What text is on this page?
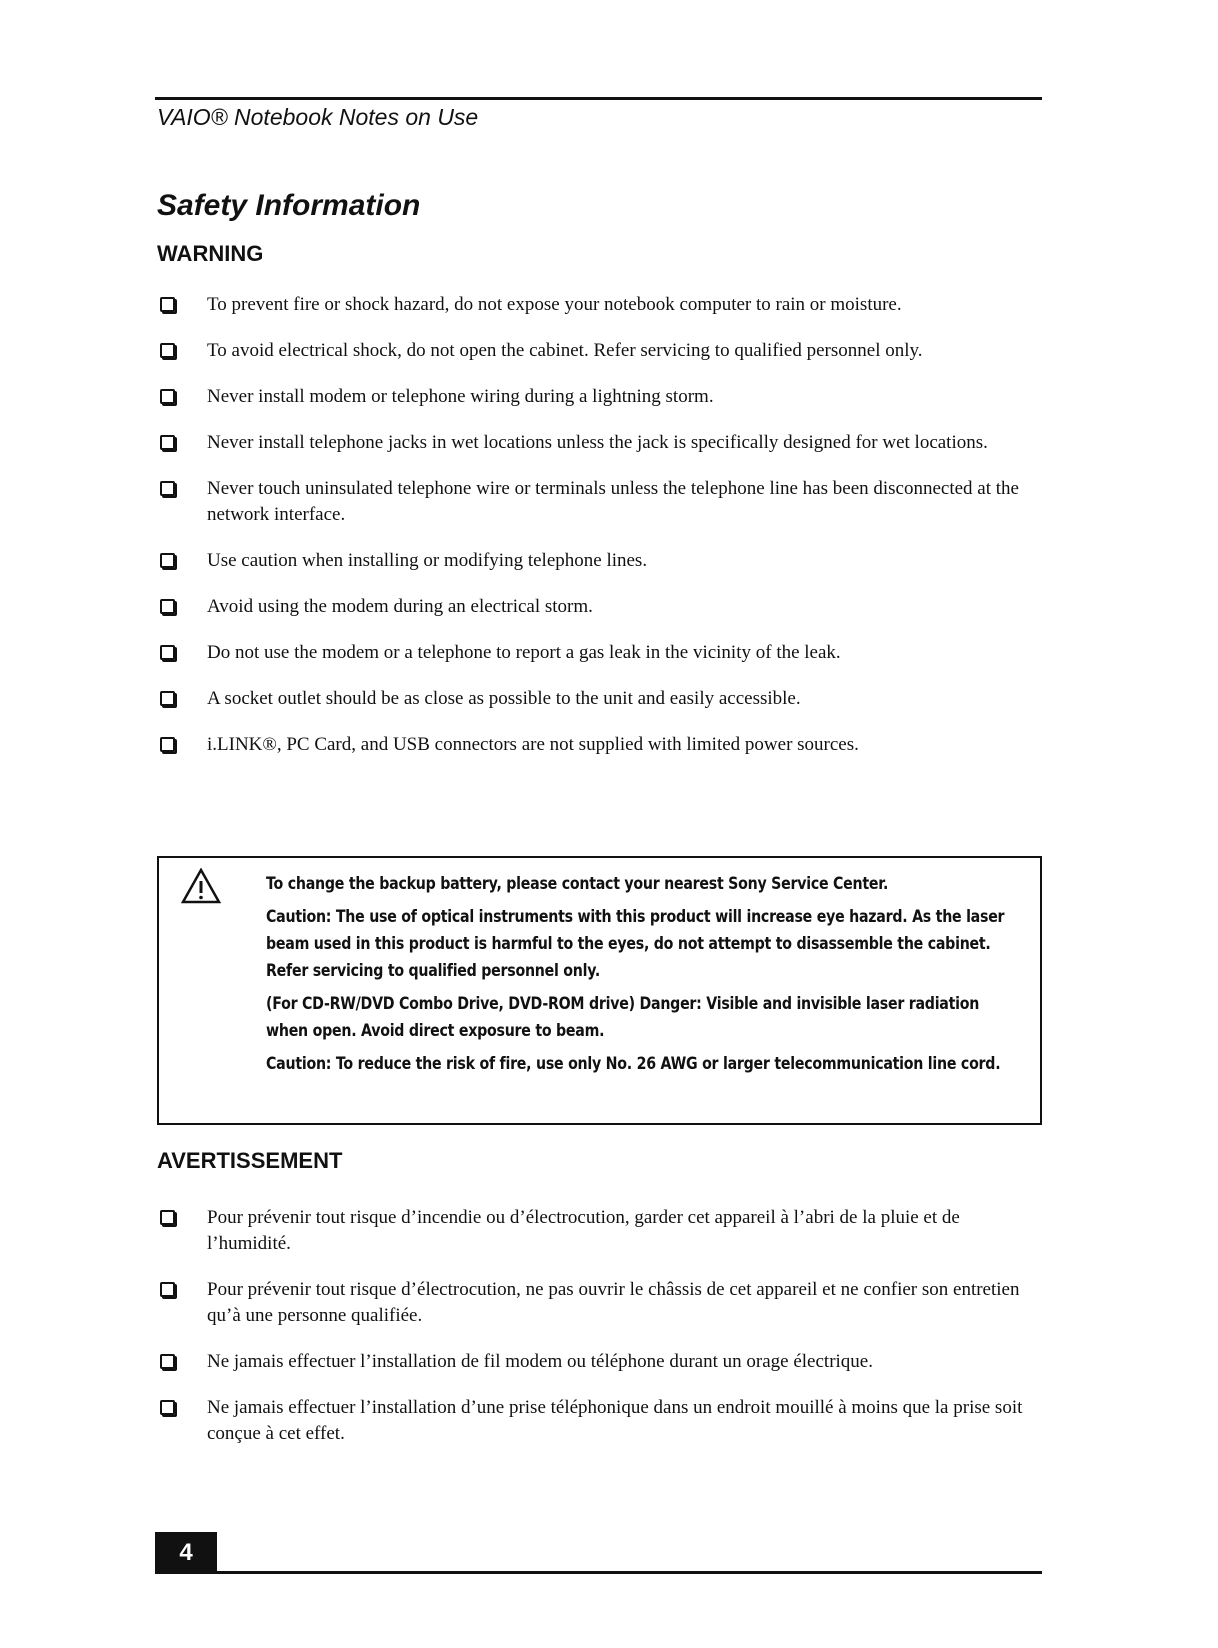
VAIO® Notebook Notes on Use
Safety Information
WARNING
To prevent fire or shock hazard, do not expose your notebook computer to rain or moisture.
To avoid electrical shock, do not open the cabinet. Refer servicing to qualified personnel only.
Never install modem or telephone wiring during a lightning storm.
Never install telephone jacks in wet locations unless the jack is specifically designed for wet locations.
Never touch uninsulated telephone wire or terminals unless the telephone line has been disconnected at the network interface.
Use caution when installing or modifying telephone lines.
Avoid using the modem during an electrical storm.
Do not use the modem or a telephone to report a gas leak in the vicinity of the leak.
A socket outlet should be as close as possible to the unit and easily accessible.
i.LINK®, PC Card, and USB connectors are not supplied with limited power sources.

To change the backup battery, please contact your nearest Sony Service Center.

Caution: The use of optical instruments with this product will increase eye hazard. As the laser beam used in this product is harmful to the eyes, do not attempt to disassemble the cabinet. Refer servicing to qualified personnel only.

(For CD-RW/DVD Combo Drive, DVD-ROM drive) Danger: Visible and invisible laser radiation when open. Avoid direct exposure to beam.

Caution: To reduce the risk of fire, use only No. 26 AWG or larger telecommunication line cord.

AVERTISSEMENT
Pour prévenir tout risque d’incendie ou d’électrocution, garder cet appareil à l’abri de la pluie et de l’humidité.
Pour prévenir tout risque d’électrocution, ne pas ouvrir le châssis de cet appareil et ne confier son entretien qu’à une personne qualifiée.
Ne jamais effectuer l’installation de fil modem ou téléphone durant un orage électrique.
Ne jamais effectuer l’installation d’une prise téléphonique dans un endroit mouillé à moins que la prise soit conçue à cet effet.
4
